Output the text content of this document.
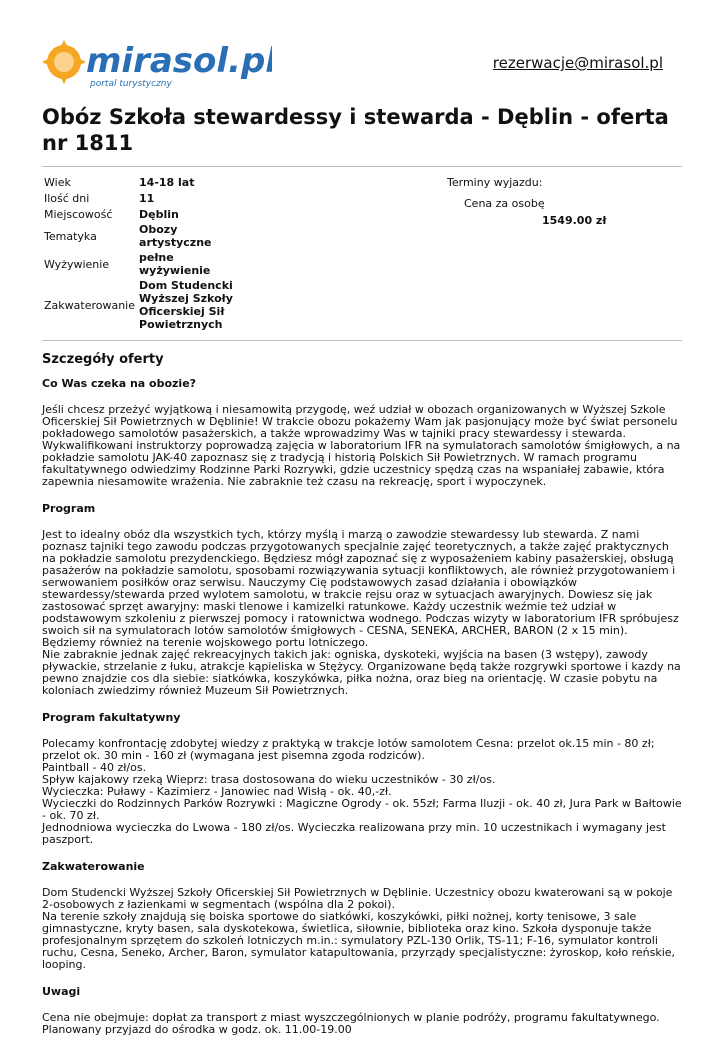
mirasol.pl
portal turystyczny
rezerwacje@mirasol.pl
Obóz Szkoła stewardessy i stewarda - Dęblin - oferta nr 1811
Wiek	14-18 lat
Ilość dni	11
Miejscowość	Dęblin
Tematyka	Obozy artystyczne
Wyżywienie	pełne wyżywienie
Zakwaterowanie	Dom Studencki Wyższej Szkoły Oficerskiej Sił Powietrznych
Terminy wyjazdu:
Cena za osobę
1549.00 zł
Szczegóły oferty
Co Was czeka na obozie?

Jeśli chcesz przeżyć wyjątkową i niesamowitą przygodę, weź udział w obozach organizowanych w Wyższej Szkole Oficerskiej Sił Powietrznych w Dęblinie! W trakcie obozu pokażemy Wam jak pasjonujący może być świat personelu pokładowego samolotów pasażerskich, a także wprowadzimy Was w tajniki pracy stewardessy i stewarda. Wykwalifikowani instruktorzy poprowadzą zajęcia w laboratorium IFR na symulatorach samolotów śmigłowych, a na pokładzie samolotu JAK-40 zapoznasz się z tradycją i historią Polskich Sił Powietrznych. W ramach programu fakultatywnego odwiedzimy Rodzinne Parki Rozrywki, gdzie uczestnicy spędzą czas na wspaniałej zabawie, która zapewnia niesamowite wrażenia. Nie zabraknie też czasu na rekreację, sport i wypoczynek.

Program

Jest to idealny obóz dla wszystkich tych, którzy myślą i marzą o zawodzie stewardessy lub stewarda. Z nami poznasz tajniki tego zawodu podczas przygotowanych specjalnie zajęć teoretycznych, a także zajęć praktycznych na pokładzie samolotu prezydenckiego. Będziesz mógł zapoznać się z wyposażeniem kabiny pasażerskiej, obsługą pasażerów na pokładzie samolotu, sposobami rozwiązywania sytuacji konfliktowych, ale również przygotowaniem i serwowaniem posiłków oraz serwisu. Nauczymy Cię podstawowych zasad działania i obowiązków stewardessy/stewarda przed wylotem samolotu, w trakcie rejsu oraz w sytuacjach awaryjnych. Dowiesz się jak zastosować sprzęt awaryjny: maski tlenowe i kamizelki ratunkowe. Każdy uczestnik weźmie też udział w podstawowym szkoleniu z pierwszej pomocy i ratownictwa wodnego. Podczas wizyty w laboratorium IFR spróbujesz swoich sił na symulatorach lotów samolotów śmigłowych - CESNA, SENEKA, ARCHER, BARON (2 x 15 min). Będziemy również na terenie wojskowego portu lotniczego.
Nie zabraknie jednak zajęć rekreacyjnych takich jak: ogniska, dyskoteki, wyjścia na basen (3 wstępy), zawody pływackie, strzelanie z łuku, atrakcje kąpieliska w Stężycy. Organizowane będą także rozgrywki sportowe i kazdy na pewno znajdzie cos dla siebie: siatkówka, koszykówka, piłka nożna, oraz bieg na orientację. W czasie pobytu na koloniach zwiedzimy również Muzeum Sił Powietrznych.

Program fakultatywny

Polecamy konfrontację zdobytej wiedzy z praktyką w trakcje lotów samolotem Cesna: przelot ok.15 min - 80 zł; przelot ok. 30 min - 160 zł (wymagana jest pisemna zgoda rodziców).
Paintball - 40 zł/os.
Spływ kajakowy rzeką Wieprz: trasa dostosowana do wieku uczestników - 30 zł/os.
Wycieczka: Puławy - Kazimierz - Janowiec nad Wisłą - ok. 40,-zł.
Wycieczki do Rodzinnych Parków Rozrywki : Magiczne Ogrody - ok. 55zł; Farma Iluzji - ok. 40 zł, Jura Park w Bałtowie - ok. 70 zł.
Jednodniowa wycieczka do Lwowa - 180 zł/os. Wycieczka realizowana przy min. 10 uczestnikach i wymagany jest paszport.

Zakwaterowanie

Dom Studencki Wyższej Szkoły Oficerskiej Sił Powietrznych w Dęblinie. Uczestnicy obozu kwaterowani są w pokoje 2-osobowych z łazienkami w segmentach (wspólna dla 2 pokoi).
Na terenie szkoły znajdują się boiska sportowe do siatkówki, koszykówki, piłki nożnej, korty tenisowe, 3 sale gimnastyczne, kryty basen, sala dyskotekowa, świetlica, siłownie, biblioteka oraz kino. Szkoła dysponuje także profesjonalnym sprzętem do szkoleń lotniczych m.in.: symulatory PZL-130 Orlik, TS-11; F-16, symulator kontroli ruchu, Cesna, Seneko, Archer, Baron, symulator katapultowania, przyrządy specjalistyczne: żyroskop, koło reńskie, looping.

Uwagi

Cena nie obejmuje: dopłat za transport z miast wyszczególnionych w planie podróży, programu fakultatywnego.
Planowany przyjazd do ośrodka w godz. ok. 11.00-19.00
